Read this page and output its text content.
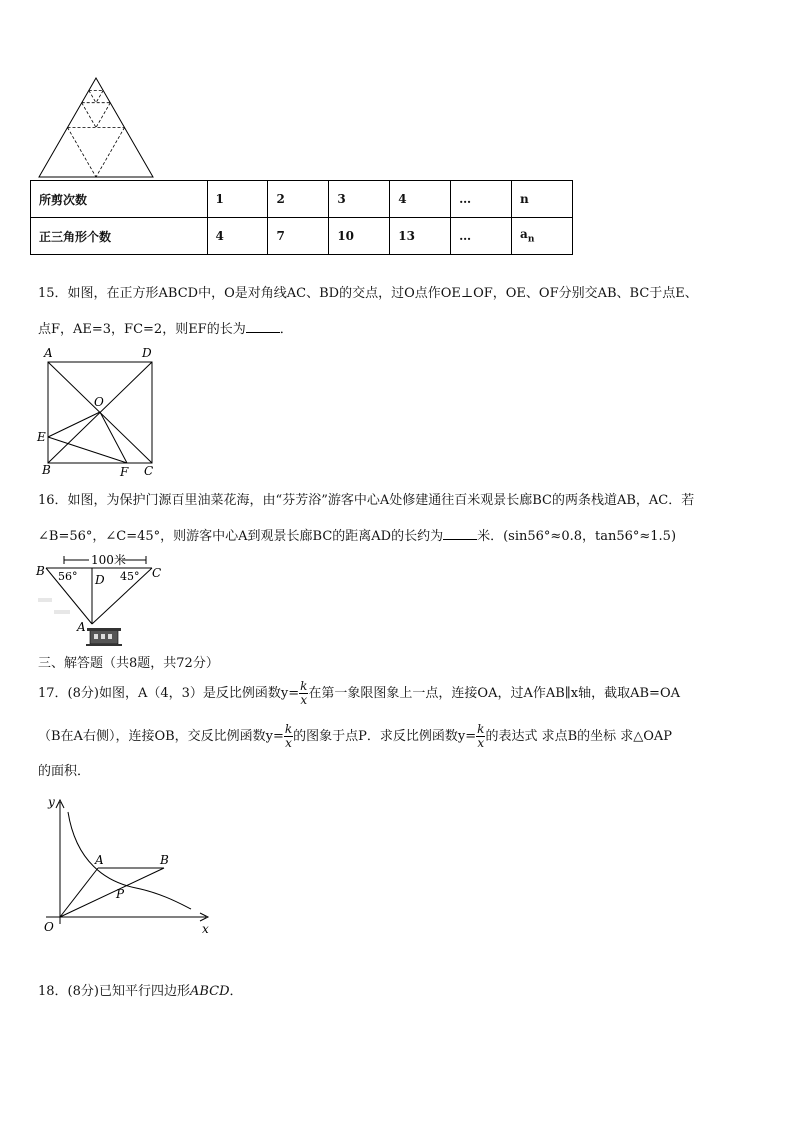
所剪次数	1	2	3	4	…	n
正三角形个数	4	7	10	13	…	$a_n$
15．如图，在正方形ABCD中，O是对角线AC、BD的交点，过O点作OE⊥OF，OE、OF分别交AB、BC于点E、
点F，AE=3，FC=2，则EF的长为	．
A	D
O
E
B	F C
16．如图，为保护门源百里油菜花海，由“芬芳浴”游客中心A处修建通往百米观景长廊BC的两条栈道AB，AC．若
∠B=56°，∠C=45°，则游客中心A到观景长廊BC的距离AD的长约为	米．(sin56°≈0.8，tan56°≈1.5)
100米
56°	45°
B	C
D
A
三、解答题（共8题，共72分）
17．(8分)如图，A（4，3）是反比例函数$y= \frac{k}{x}$ 在第一象限图象上一点，连接OA，过A作AB∥x轴，截取AB=OA
（B在A右侧），连接OB，交反比例函数$y= \frac{k}{x}$ 的图象于点P．求反比例函数$y= \frac{k}{x}$ 的表达式 求点B的坐标 求△OAP
的面积．
y
x
O
A	B
P
18．(8分)已知平行四边形ABCD．
